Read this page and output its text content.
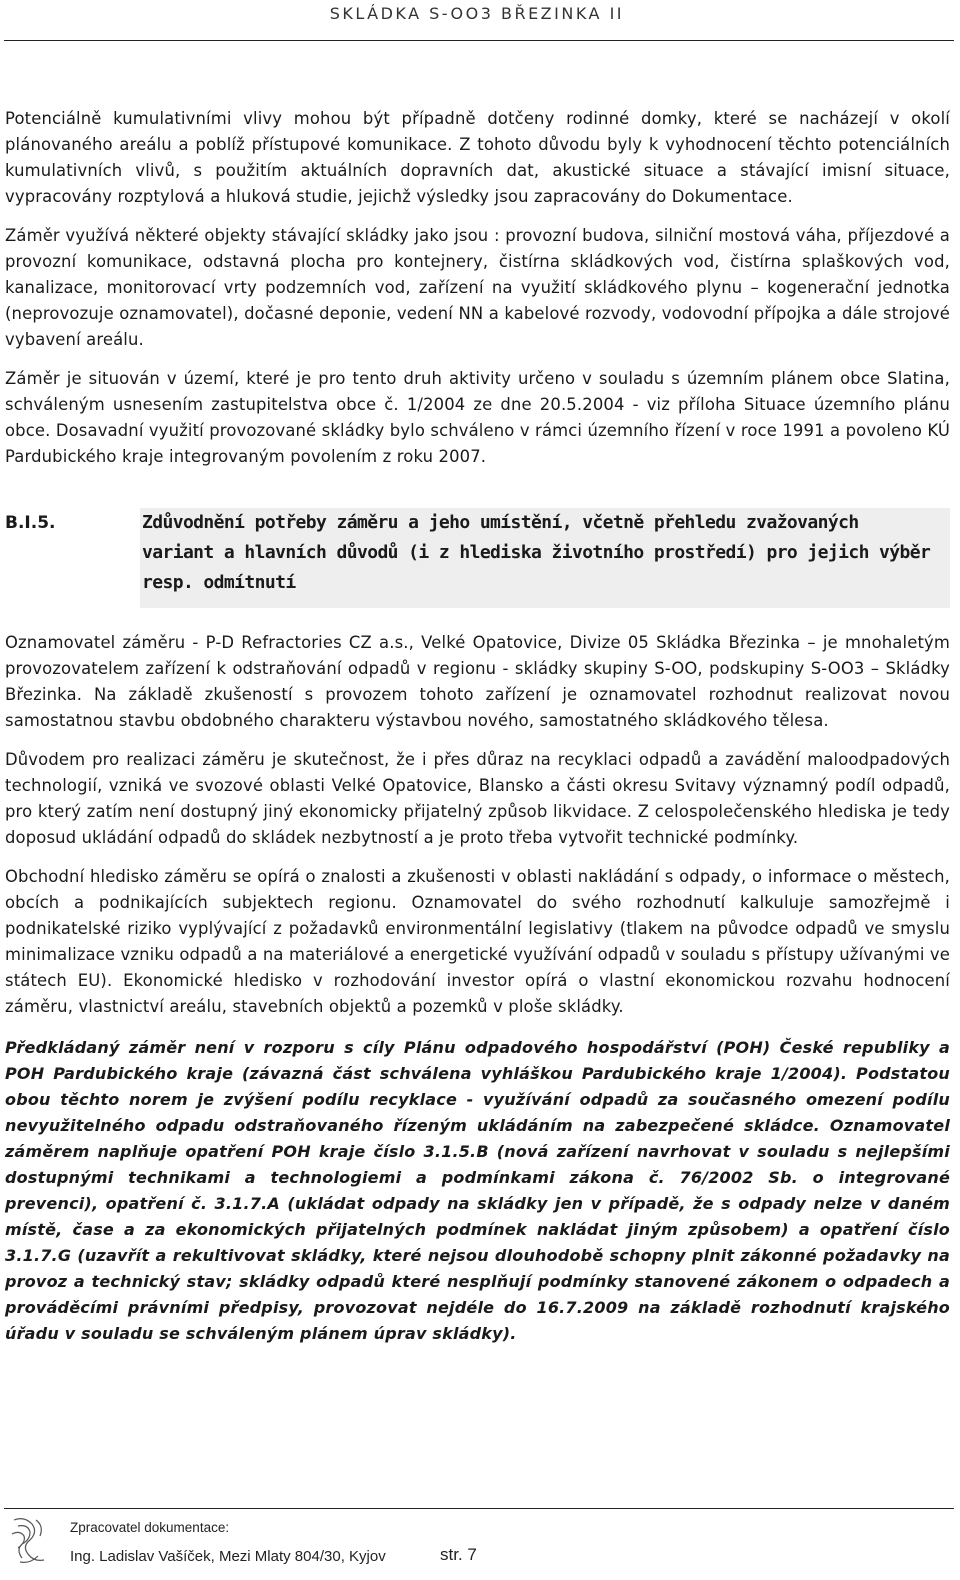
SKLÁDKA S-OO3 BŘEZINKA II

Potenciálně kumulativními vlivy mohou být případně dotčeny rodinné domky, které se nacházejí v okolí plánovaného areálu a poblíž přístupové komunikace. Z tohoto důvodu byly k vyhodnocení těchto potenciálních kumulativních vlivů, s použitím aktuálních dopravních dat, akustické situace a stávající imisní situace, vypracovány rozptylová a hluková studie, jejichž výsledky jsou zapracovány do Dokumentace.

Záměr využívá některé objekty stávající skládky jako jsou : provozní budova, silniční mostová váha, příjezdové a provozní komunikace, odstavná plocha pro kontejnery, čistírna skládkových vod, čistírna splaškových vod, kanalizace, monitorovací vrty podzemních vod, zařízení na využití skládkového plynu – kogenerační jednotka (neprovozuje oznamovatel), dočasné deponie, vedení NN a kabelové rozvody, vodovodní přípojka a dále strojové vybavení areálu.

Záměr je situován v území, které je pro tento druh aktivity určeno v souladu s územním plánem obce Slatina, schváleným usnesením zastupitelstva obce č. 1/2004 ze dne 20.5.2004 - viz příloha Situace územního plánu obce. Dosavadní využití provozované skládky bylo schváleno v rámci územního řízení v roce 1991 a povoleno KÚ Pardubického kraje integrovaným povolením z roku 2007.

B.I.5.	Zdůvodnění potřeby záměru a jeho umístění, včetně přehledu zvažovaných variant a hlavních důvodů (i z hlediska životního prostředí) pro jejich výběr resp. odmítnutí

Oznamovatel záměru - P-D Refractories CZ a.s., Velké Opatovice, Divize 05 Skládka Březinka – je mnohaletým provozovatelem zařízení k odstraňování odpadů v regionu - skládky skupiny S-OO, podskupiny S-OO3 – Skládky Březinka. Na základě zkušeností s provozem tohoto zařízení je oznamovatel rozhodnut realizovat novou samostatnou stavbu obdobného charakteru výstavbou nového, samostatného skládkového tělesa.

Důvodem pro realizaci záměru je skutečnost, že i přes důraz na recyklaci odpadů a zavádění maloodpadových technologií, vzniká ve svozové oblasti Velké Opatovice, Blansko a části okresu Svitavy významný podíl odpadů, pro který zatím není dostupný jiný ekonomicky přijatelný způsob likvidace. Z celospolečenského hlediska je tedy doposud ukládání odpadů do skládek nezbytností a je proto třeba vytvořit technické podmínky.

Obchodní hledisko záměru se opírá o znalosti a zkušenosti v oblasti nakládání s odpady, o informace o městech, obcích a podnikajících subjektech regionu. Oznamovatel do svého rozhodnutí kalkuluje samozřejmě i podnikatelské riziko vyplývající z požadavků environmentální legislativy (tlakem na původce odpadů ve smyslu minimalizace vzniku odpadů a na materiálové a energetické využívání odpadů v souladu s přístupy užívanými ve státech EU). Ekonomické hledisko v rozhodování investor opírá o vlastní ekonomickou rozvahu hodnocení záměru, vlastnictví areálu, stavebních objektů a pozemků v ploše skládky.

Předkládaný záměr není v rozporu s cíly Plánu odpadového hospodářství (POH) České republiky a POH Pardubického kraje (závazná část schválena vyhláškou Pardubického kraje 1/2004). Podstatou obou těchto norem je zvýšení podílu recyklace - využívání odpadů za současného omezení podílu nevyužitelného odpadu odstraňovaného řízeným ukládáním na zabezpečené skládce. Oznamovatel záměrem naplňuje opatření POH kraje číslo 3.1.5.B (nová zařízení navrhovat v souladu s nejlepšími dostupnými technikami a technologiemi a podmínkami zákona č. 76/2002 Sb. o integrované prevenci), opatření č. 3.1.7.A (ukládat odpady na skládky jen v případě, že s odpady nelze v daném místě, čase a za ekonomických přijatelných podmínek nakládat jiným způsobem) a opatření číslo 3.1.7.G (uzavřít a rekultivovat skládky, které nejsou dlouhodobě schopny plnit zákonné požadavky na provoz a technický stav; skládky odpadů které nesplňují podmínky stanovené zákonem o odpadech a prováděcími právními předpisy, provozovat nejdéle do 16.7.2009 na základě rozhodnutí krajského úřadu v souladu se schváleným plánem úprav skládky).

Zpracovatel dokumentace:
Ing. Ladislav Vašíček, Mezi Mlaty 804/30, Kyjov	str. 7
